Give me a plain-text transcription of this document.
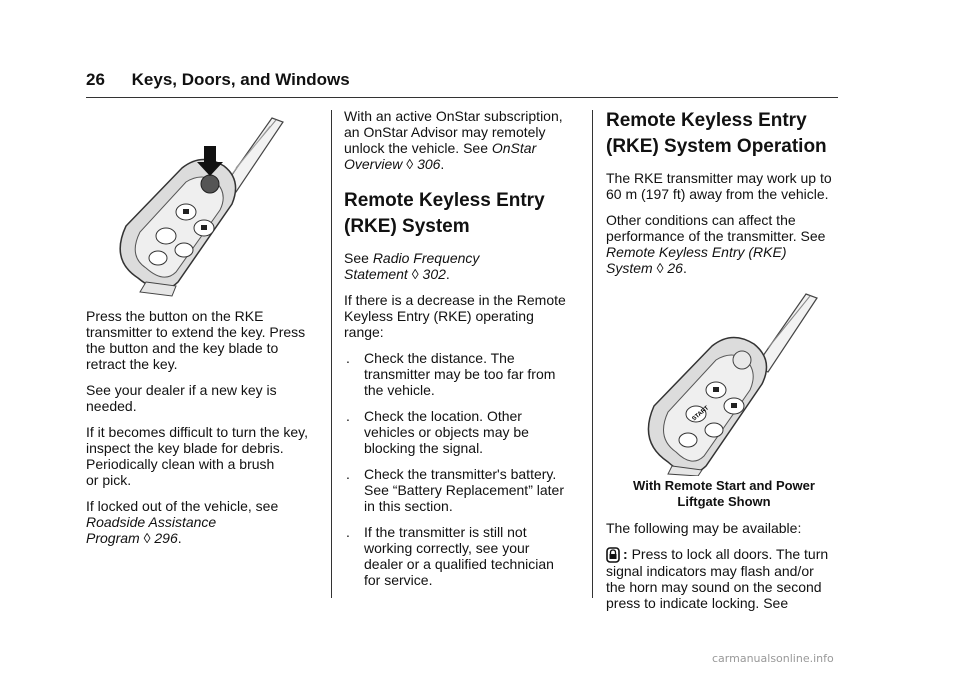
26 Keys, Doors, and Windows

Press the button on the RKE
transmitter to extend the key. Press
the button and the key blade to
retract the key.

See your dealer if a new key is
needed.

If it becomes difficult to turn the key,
inspect the key blade for debris.
Periodically clean with a brush
or pick.

If locked out of the vehicle, see
Roadside Assistance
Program ◊ 296.

With an active OnStar subscription,
an OnStar Advisor may remotely
unlock the vehicle. See OnStar
Overview ◊ 306.

Remote Keyless Entry (RKE) System

See Radio Frequency
Statement ◊ 302.

If there is a decrease in the Remote
Keyless Entry (RKE) operating
range:

. Check the distance. The
transmitter may be too far from
the vehicle.
. Check the location. Other
vehicles or objects may be
blocking the signal.
. Check the transmitter's battery.
See “Battery Replacement” later
in this section.
. If the transmitter is still not
working correctly, see your
dealer or a qualified technician
for service.
Remote Keyless Entry (RKE) System Operation

The RKE transmitter may work up to
60 m (197 ft) away from the vehicle.

Other conditions can affect the
performance of the transmitter. See
Remote Keyless Entry (RKE)
System ◊ 26.

START

With Remote Start and Power
Liftgate Shown

The following may be available:

: Press to lock all doors. The turn
signal indicators may flash and/or
the horn may sound on the second
press to indicate locking. See

carmanualsonline.info
